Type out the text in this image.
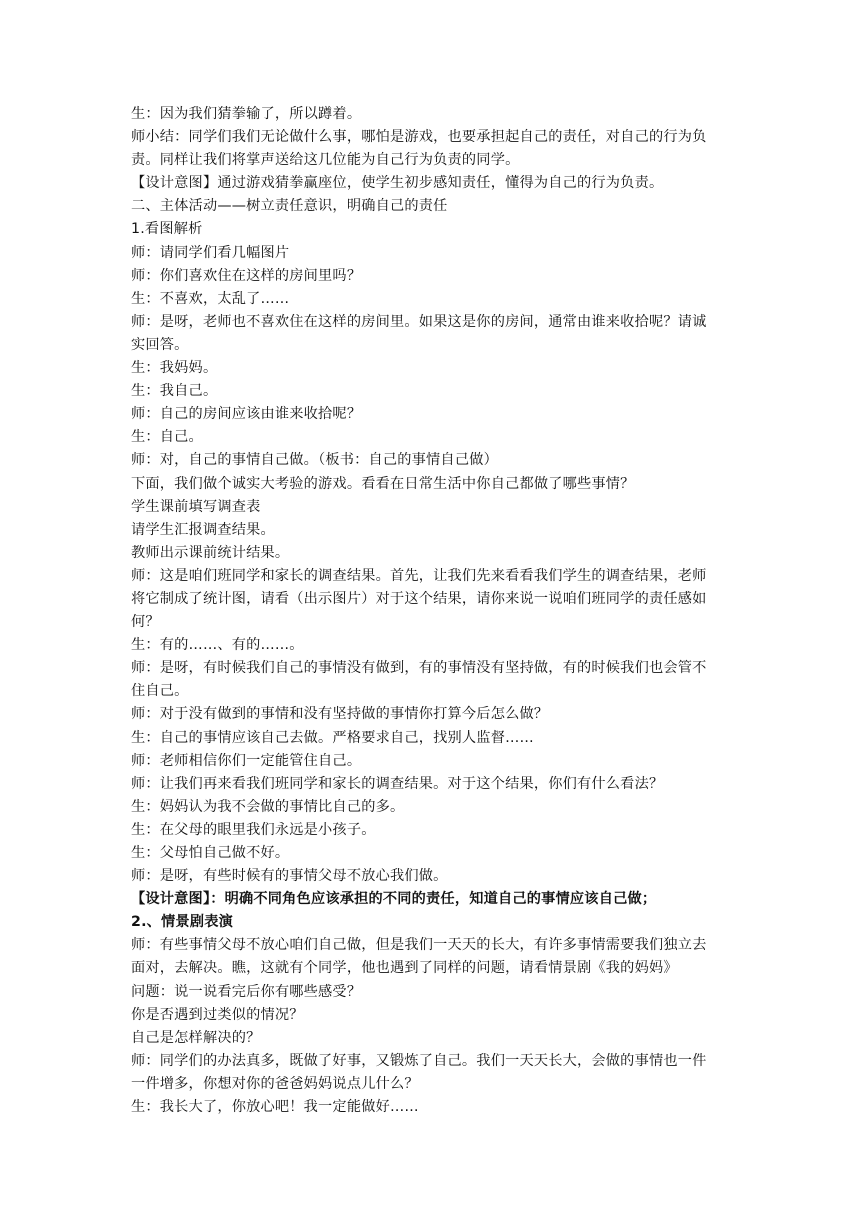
生：因为我们猜拳输了，所以蹲着。
师小结：同学们我们无论做什么事，哪怕是游戏，也要承担起自己的责任，对自己的行为负
责。同样让我们将掌声送给这几位能为自己行为负责的同学。
【设计意图】通过游戏猜拳赢座位，使学生初步感知责任，懂得为自己的行为负责。
二、主体活动——树立责任意识，明确自己的责任
1.看图解析
师：请同学们看几幅图片
师：你们喜欢住在这样的房间里吗？
生：不喜欢，太乱了……
师：是呀，老师也不喜欢住在这样的房间里。如果这是你的房间，通常由谁来收拾呢？请诚
实回答。
生：我妈妈。
生：我自己。
师：自己的房间应该由谁来收拾呢？
生：自己。
师：对，自己的事情自己做。（板书：自己的事情自己做）
下面，我们做个诚实大考验的游戏。看看在日常生活中你自己都做了哪些事情？
学生课前填写调查表
请学生汇报调查结果。
教师出示课前统计结果。
师：这是咱们班同学和家长的调查结果。首先，让我们先来看看我们学生的调查结果，老师
将它制成了统计图，请看（出示图片）对于这个结果，请你来说一说咱们班同学的责任感如
何？
生：有的……、有的……。
师：是呀，有时候我们自己的事情没有做到，有的事情没有坚持做，有的时候我们也会管不
住自己。
师：对于没有做到的事情和没有坚持做的事情你打算今后怎么做？
生：自己的事情应该自己去做。严格要求自己，找别人监督……
师：老师相信你们一定能管住自己。
师：让我们再来看我们班同学和家长的调查结果。对于这个结果，你们有什么看法？
生：妈妈认为我不会做的事情比自己的多。
生：在父母的眼里我们永远是小孩子。
生：父母怕自己做不好。
师：是呀，有些时候有的事情父母不放心我们做。
【设计意图】：明确不同角色应该承担的不同的责任，知道自己的事情应该自己做；
2.、情景剧表演
师：有些事情父母不放心咱们自己做，但是我们一天天的长大，有许多事情需要我们独立去
面对，去解决。瞧，这就有个同学，他也遇到了同样的问题，请看情景剧《我的妈妈》
问题：说一说看完后你有哪些感受？
你是否遇到过类似的情况？
自己是怎样解决的？
师：同学们的办法真多，既做了好事，又锻炼了自己。我们一天天长大，会做的事情也一件
一件增多，你想对你的爸爸妈妈说点儿什么？
生：我长大了，你放心吧！我一定能做好……
